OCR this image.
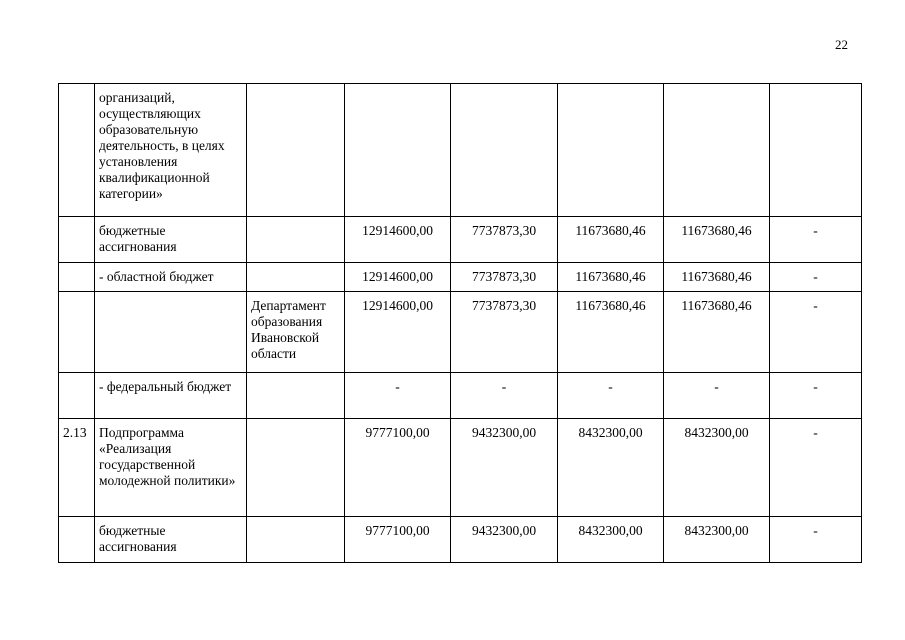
22
	организаций, осуществляющих образовательную деятельность, в целях установления квалификационной категории»						
	бюджетные ассигнования		12914600,00	7737873,30	11673680,46	11673680,46	-
	- областной бюджет		12914600,00	7737873,30	11673680,46	11673680,46	-
		Департамент образования Ивановской области	12914600,00	7737873,30	11673680,46	11673680,46	-
	- федеральный бюджет		-	-	-	-	-
2.13	Подпрограмма «Реализация государственной молодежной политики»		9777100,00	9432300,00	8432300,00	8432300,00	-
	бюджетные ассигнования		9777100,00	9432300,00	8432300,00	8432300,00	-
